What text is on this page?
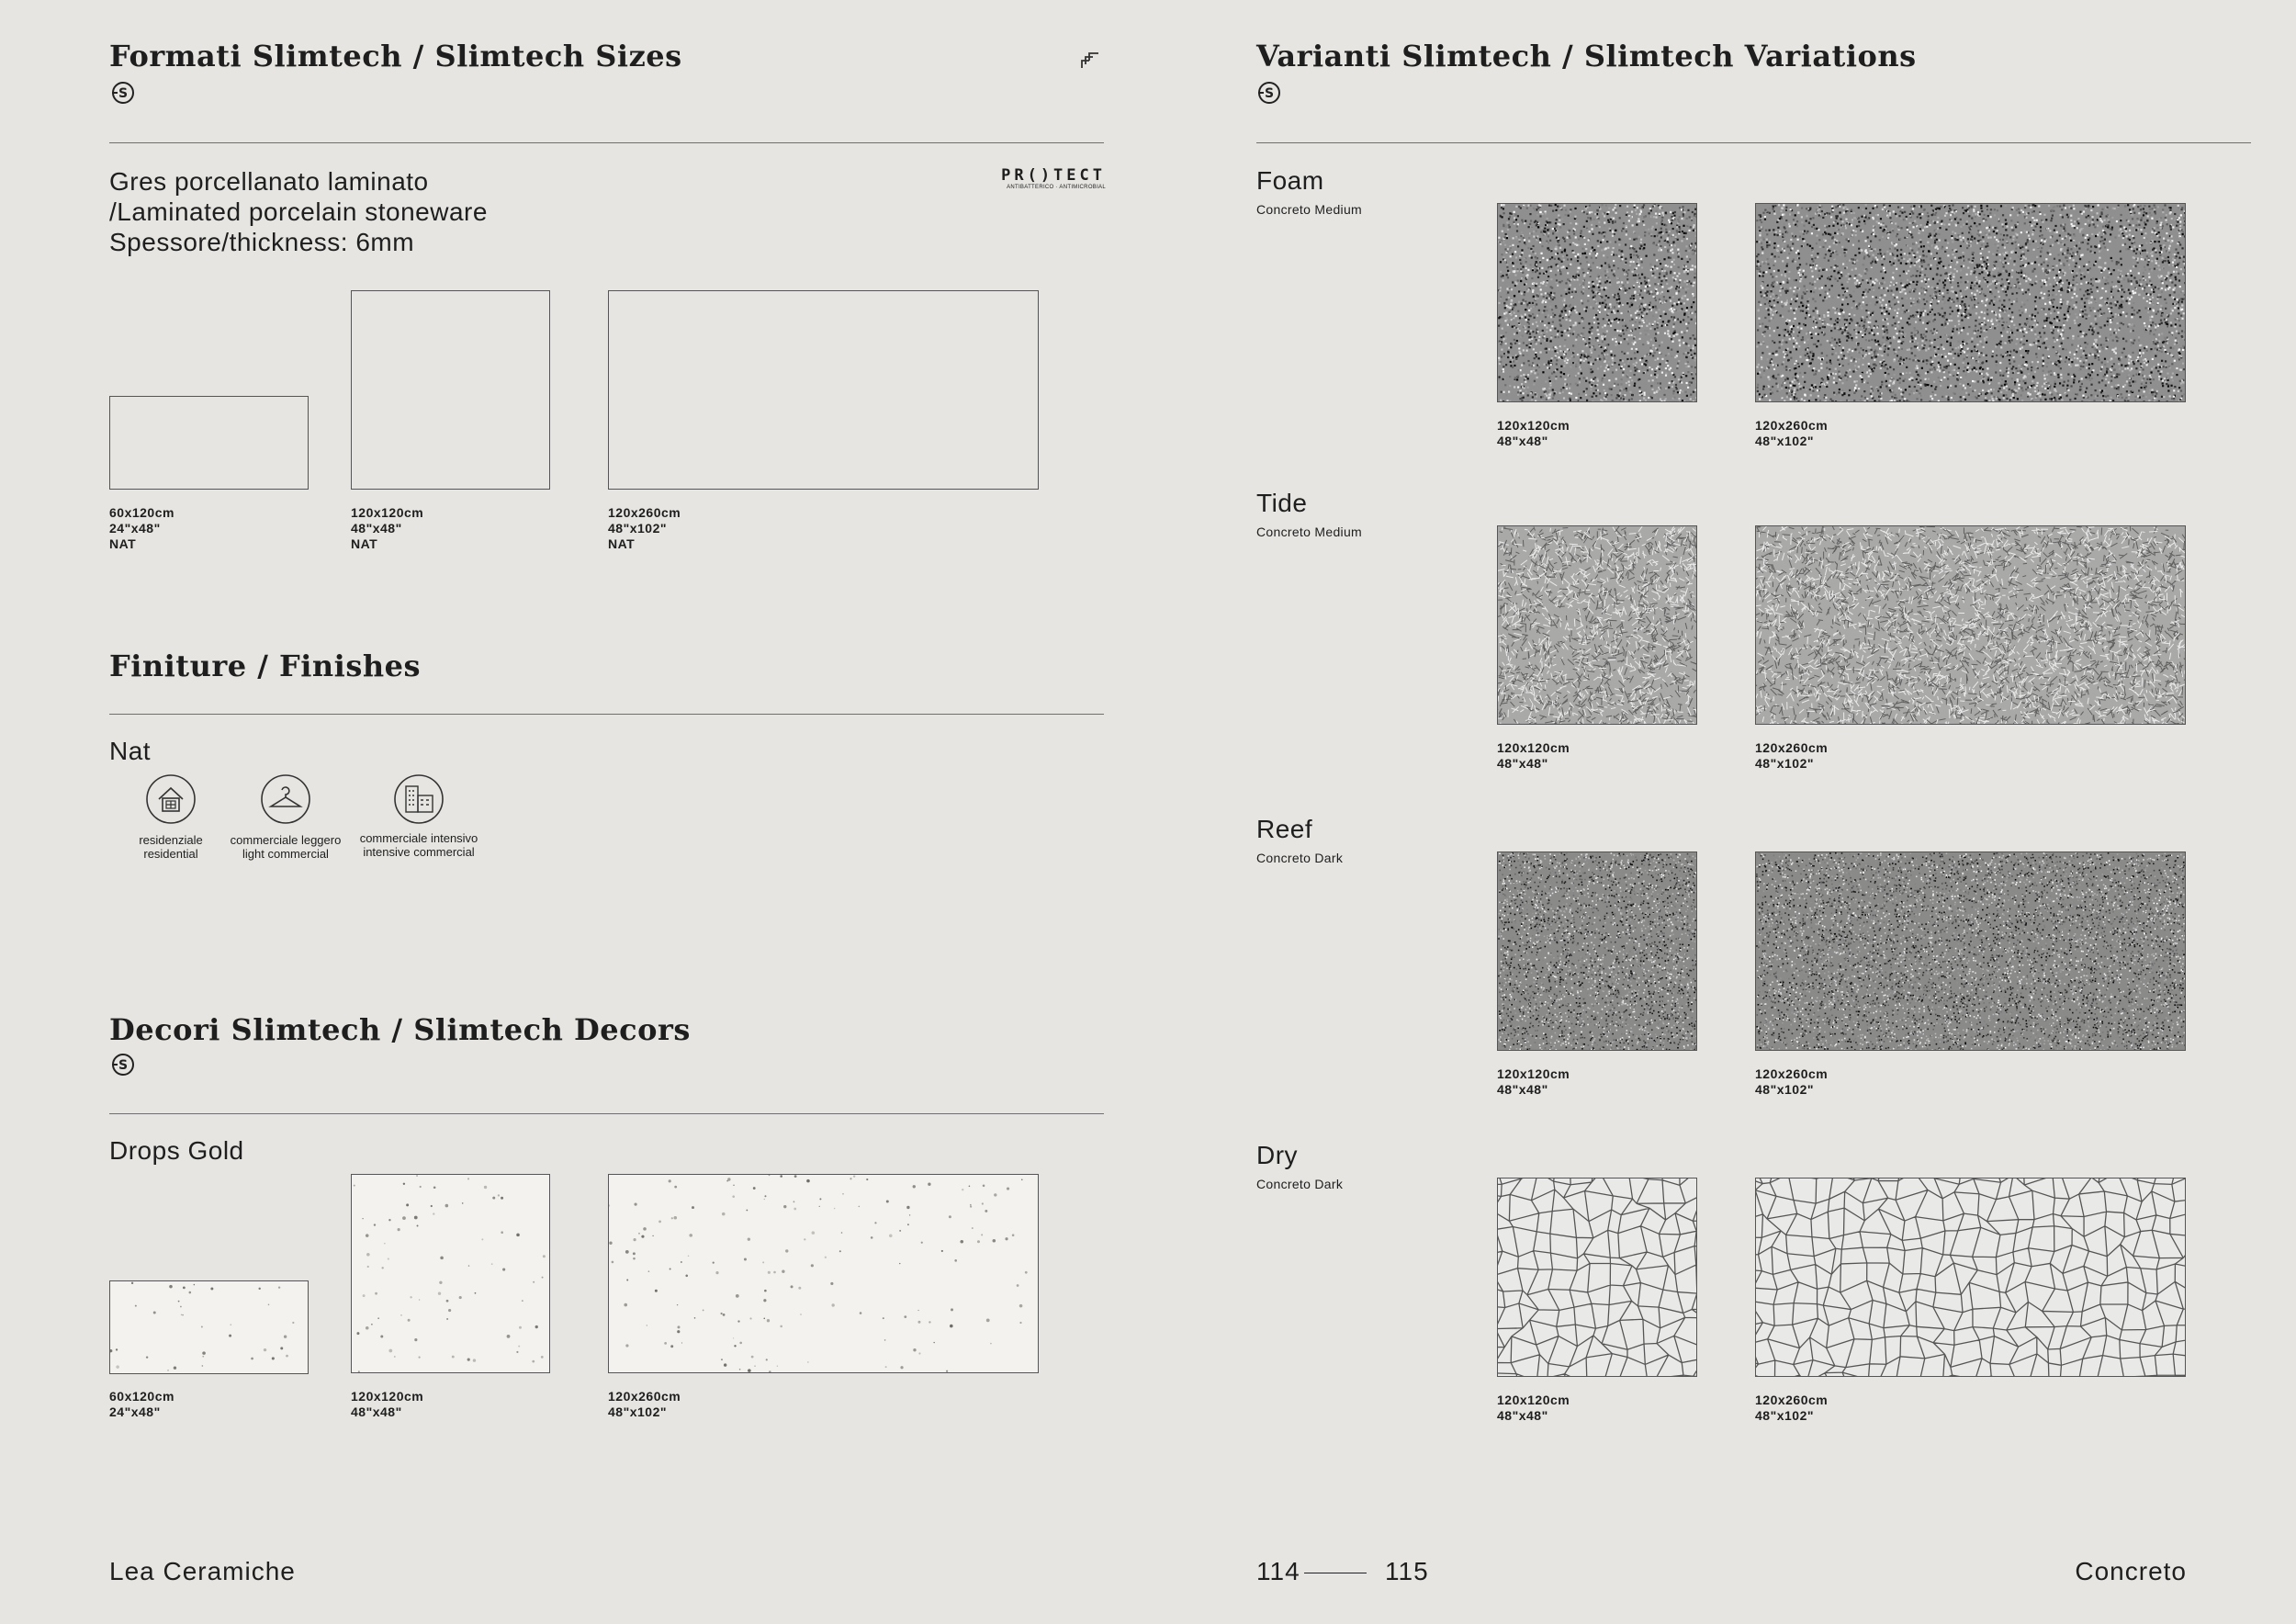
Formati Slimtech / Slimtech Sizes
S
Gres porcellanato laminato
/Laminated porcelain stoneware
Spessore/thickness: 6mm
PR()TECT
ANTIBATTERICO · ANTIMICROBIAL
60x120cm
24"x48"
NAT
120x120cm
48"x48"
NAT
120x260cm
48"x102"
NAT
Finiture / Finishes
Nat
residenziale
residential
commerciale leggero
light commercial
commerciale intensivo
intensive commercial
Decori Slimtech / Slimtech Decors
S
Drops Gold
60x120cm
24"x48"
120x120cm
48"x48"
120x260cm
48"x102"
Lea Ceramiche
Varianti Slimtech / Slimtech Variations
S
Foam
Concreto Medium
120x120cm
48"x48"
120x260cm
48"x102"
Tide
Concreto Medium
120x120cm
48"x48"
120x260cm
48"x102"
Reef
Concreto Dark
120x120cm
48"x48"
120x260cm
48"x102"
Dry
Concreto Dark
120x120cm
48"x48"
120x260cm
48"x102"
114	115	Concreto
